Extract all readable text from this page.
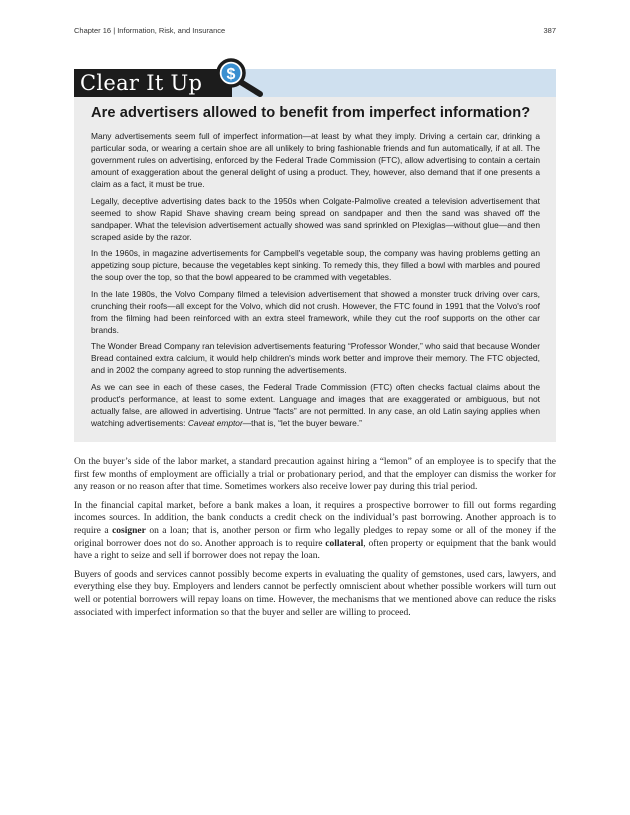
Chapter 16 | Information, Risk, and Insurance	387
Clear It Up	$
Are advertisers allowed to benefit from imperfect information?

Many advertisements seem full of imperfect information—at least by what they imply. Driving a certain car, drinking a particular soda, or wearing a certain shoe are all unlikely to bring fashionable friends and fun automatically, if at all. The government rules on advertising, enforced by the Federal Trade Commission (FTC), allow advertising to contain a certain amount of exaggeration about the general delight of using a product. They, however, also demand that if one presents a claim as a fact, it must be true.

Legally, deceptive advertising dates back to the 1950s when Colgate-Palmolive created a television advertisement that seemed to show Rapid Shave shaving cream being spread on sandpaper and then the sand was shaved off the sandpaper. What the television advertisement actually showed was sand sprinkled on Plexiglas—without glue—and then scraped aside by the razor.

In the 1960s, in magazine advertisements for Campbell's vegetable soup, the company was having problems getting an appetizing soup picture, because the vegetables kept sinking. To remedy this, they filled a bowl with marbles and poured the soup over the top, so that the bowl appeared to be crammed with vegetables.

In the late 1980s, the Volvo Company filmed a television advertisement that showed a monster truck driving over cars, crunching their roofs—all except for the Volvo, which did not crush. However, the FTC found in 1991 that the Volvo's roof from the filming had been reinforced with an extra steel framework, while they cut the roof supports on the other car brands.

The Wonder Bread Company ran television advertisements featuring “Professor Wonder,” who said that because Wonder Bread contained extra calcium, it would help children's minds work better and improve their memory. The FTC objected, and in 2002 the company agreed to stop running the advertisements.

As we can see in each of these cases, the Federal Trade Commission (FTC) often checks factual claims about the product's performance, at least to some extent. Language and images that are exaggerated or ambiguous, but not actually false, are allowed in advertising. Untrue “facts” are not permitted. In any case, an old Latin saying applies when watching advertisements: Caveat emptor—that is, “let the buyer beware.”

On the buyer’s side of the labor market, a standard precaution against hiring a “lemon” of an employee is to specify that the first few months of employment are officially a trial or probationary period, and that the employer can dismiss the worker for any reason or no reason after that time. Sometimes workers also receive lower pay during this trial period.

In the financial capital market, before a bank makes a loan, it requires a prospective borrower to fill out forms regarding incomes sources. In addition, the bank conducts a credit check on the individual’s past borrowing. Another approach is to require a cosigner on a loan; that is, another person or firm who legally pledges to repay some or all of the money if the original borrower does not do so. Another approach is to require collateral, often property or equipment that the bank would have a right to seize and sell if borrower does not repay the loan.

Buyers of goods and services cannot possibly become experts in evaluating the quality of gemstones, used cars, lawyers, and everything else they buy. Employers and lenders cannot be perfectly omniscient about whether possible workers will turn out well or potential borrowers will repay loans on time. However, the mechanisms that we mentioned above can reduce the risks associated with imperfect information so that the buyer and seller are willing to proceed.
